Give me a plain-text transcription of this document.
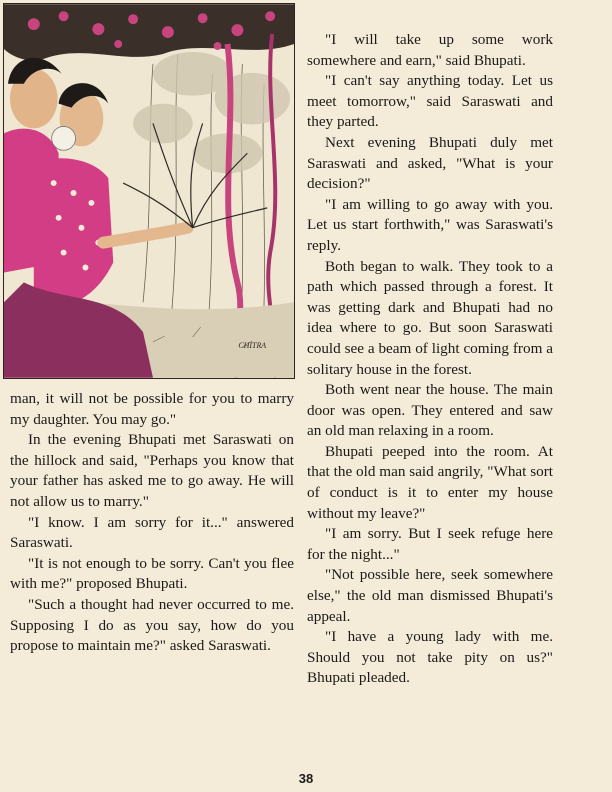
CHITRA

man, it will not be possible for you to marry my daughter. You may go."

In the evening Bhupati met Saraswati on the hillock and said, "Perhaps you know that your father has asked me to go away. He will not allow us to marry."

"I know. I am sorry for it..." answered Saraswati.

"It is not enough to be sorry. Can't you flee with me?" proposed Bhupati.

"Such a thought had never occurred to me. Supposing I do as you say, how do you propose to maintain me?" asked Saraswati.

"I will take up some work somewhere and earn," said Bhupati.

"I can't say anything today. Let us meet tomorrow," said Saraswati and they parted.

Next evening Bhupati duly met Saraswati and asked, "What is your decision?"

"I am willing to go away with you. Let us start forthwith," was Saraswati's reply.

Both began to walk. They took to a path which passed through a forest. It was getting dark and Bhupati had no idea where to go. But soon Saraswati could see a beam of light coming from a solitary house in the forest.

Both went near the house. The main door was open. They entered and saw an old man relaxing in a room.

Bhupati peeped into the room. At that the old man said angrily, "What sort of conduct is it to enter my house without my leave?"

"I am sorry. But I seek refuge here for the night..."

"Not possible here, seek somewhere else," the old man dismissed Bhupati's appeal.

"I have a young lady with me. Should you not take pity on us?" Bhupati pleaded.

38
